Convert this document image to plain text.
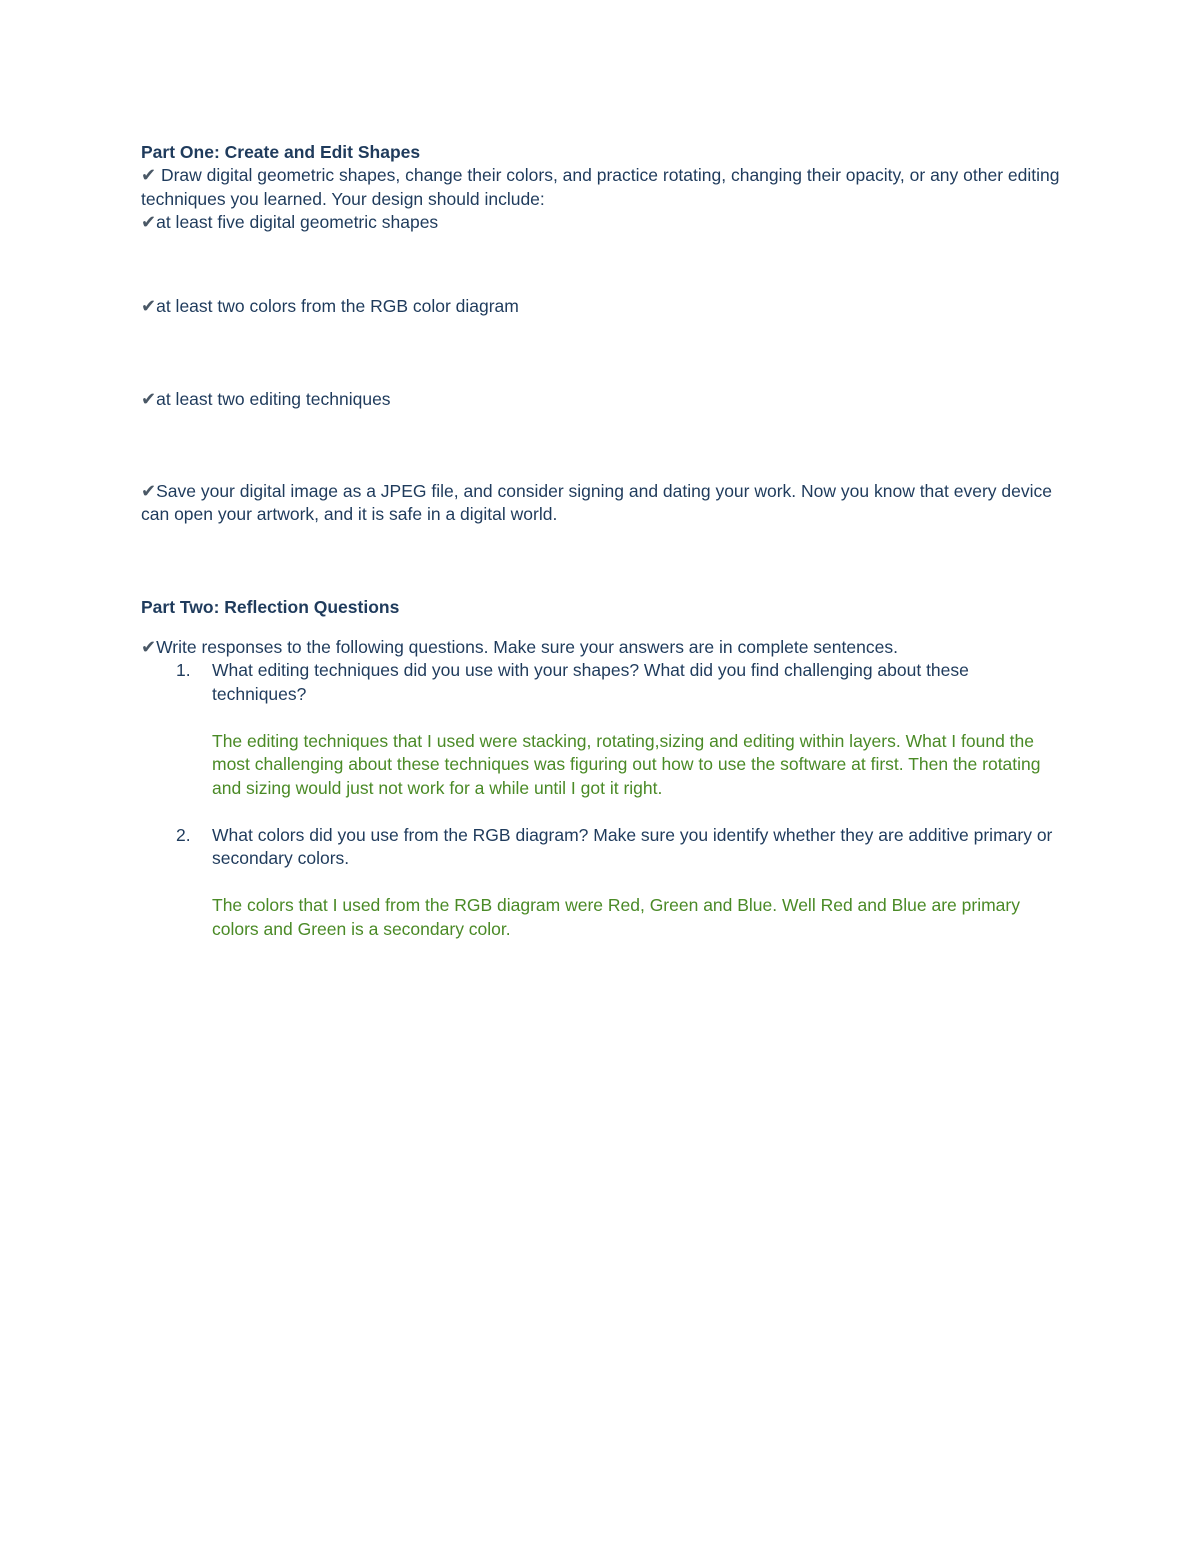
Part One: Create and Edit Shapes

✔ Draw digital geometric shapes, change their colors, and practice rotating, changing their opacity, or any other editing techniques you learned. Your design should include:

✔at least five digital geometric shapes

✔at least two colors from the RGB color diagram

✔at least two editing techniques

✔Save your digital image as a JPEG file, and consider signing and dating your work. Now you know that every device can open your artwork, and it is safe in a digital world.

Part Two: Reflection Questions

✔Write responses to the following questions. Make sure your answers are in complete sentences.

1. What editing techniques did you use with your shapes? What did you find challenging about these techniques?
The editing techniques that I used were stacking, rotating,sizing and editing within layers. What I found the most challenging about these techniques was figuring out how to use the software at first. Then the rotating and sizing would just not work for a while until I got it right.
2. What colors did you use from the RGB diagram? Make sure you identify whether they are additive primary or secondary colors.
The colors that I used from the RGB diagram were Red, Green and Blue. Well Red and Blue are primary colors and Green is a secondary color.
